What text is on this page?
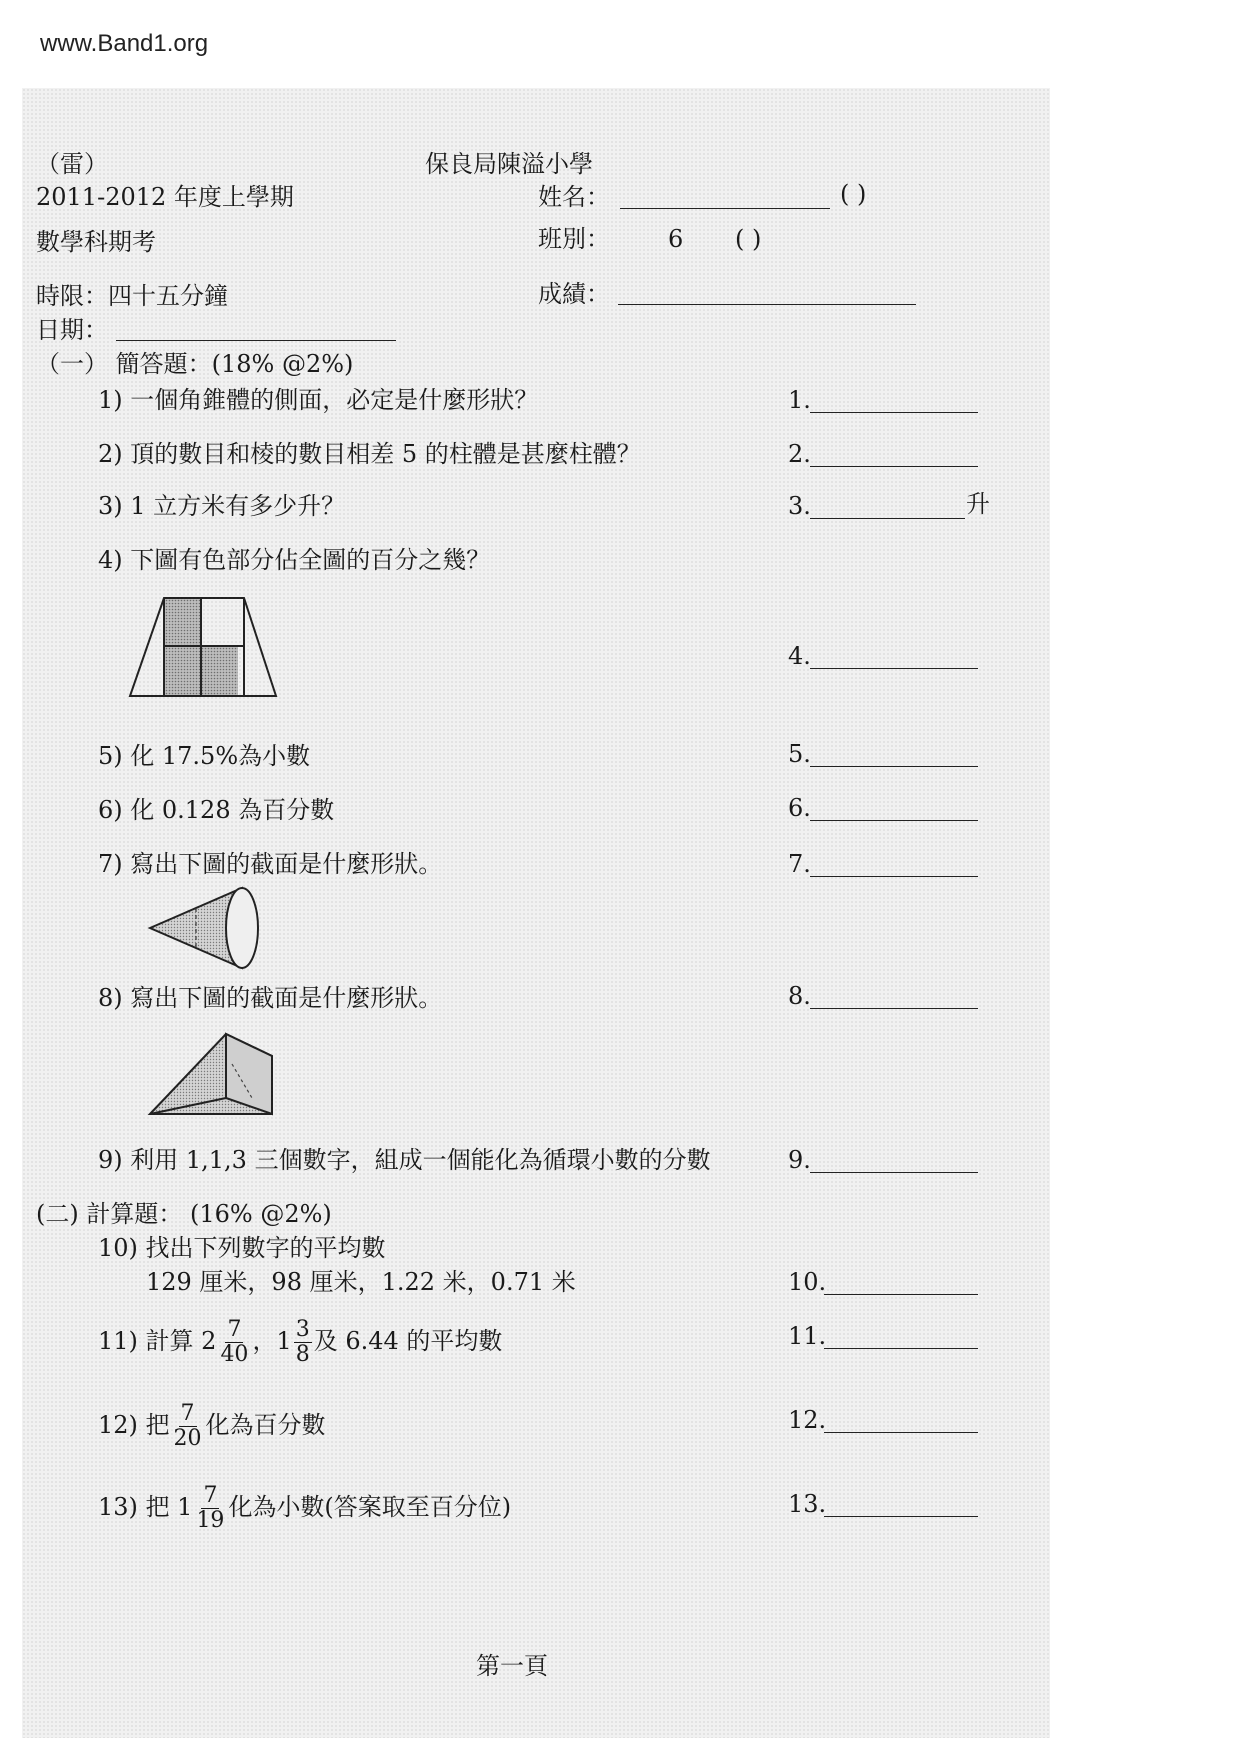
www.Band1.org
（雷）	保良局陳溢小學
2011-2012 年度上學期	姓名：	( )
數學科期考	班別： 6 ( )
時限：四十五分鐘	成績：
日期：
（一） 簡答題：(18% @2%)
1) 一個角錐體的側面，必定是什麼形狀？	1.
2) 頂的數目和棱的數目相差 5 的柱體是甚麼柱體？	2.
3) 1 立方米有多少升？	3.	升
4) 下圖有色部分佔全圖的百分之幾？
4.
5) 化 17.5%為小數	5.
6) 化 0.128 為百分數	6.
7) 寫出下圖的截面是什麼形狀。	7.
8) 寫出下圖的截面是什麼形狀。	8.
9) 利用 1,1,3 三個數字，組成一個能化為循環小數的分數	9.
(二) 計算題： (16% @2%)
10) 找出下列數字的平均數
129 厘米，98 厘米，1.22 米，0.71 米	10.
11) 計算 $2 \frac{7}{40}$ ，$1 \frac{3}{8}$ 及 6.44 的平均數	11.
12) 把 $\frac{7}{20}$ 化為百分數	12.
13) 把 $1 \frac{7}{19}$ 化為小數(答案取至百分位)	13.
第一頁
